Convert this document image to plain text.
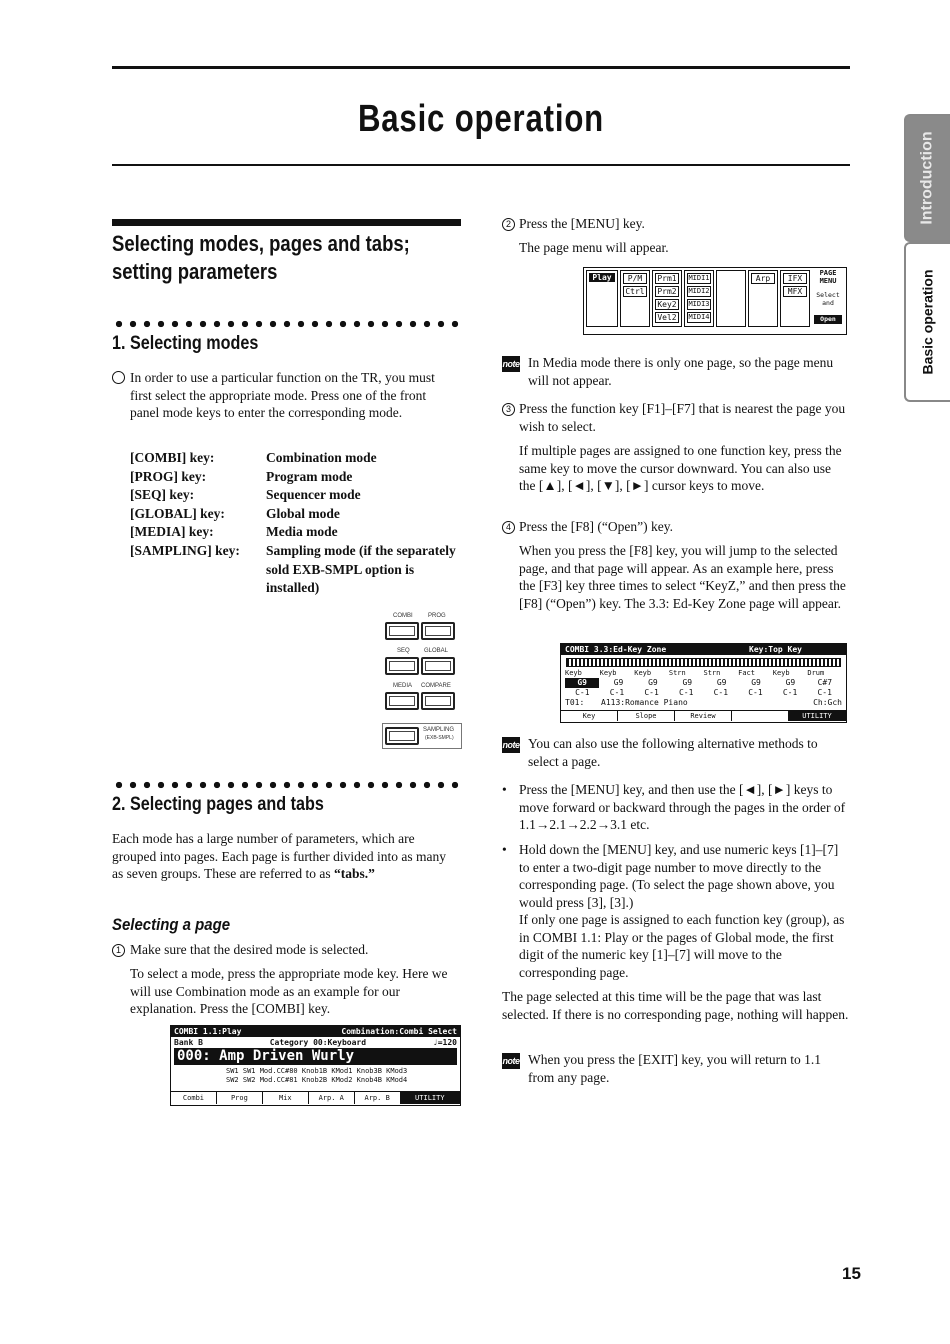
Basic operation
Introduction
Basic operation
Selecting modes, pages and tabs;
setting parameters
1. Selecting modes
In order to use a particular function on the TR, you must first select the appropriate mode. Press one of the front panel mode keys to enter the corresponding mode.
[COMBI] key:	Combination mode
[PROG] key:	Program mode
[SEQ] key:	Sequencer mode
[GLOBAL] key:	Global mode
[MEDIA] key:	Media mode
[SAMPLING] key:	Sampling mode (if the separately sold EXB-SMPL option is installed)
COMBI	PROG
SEQ GLOBAL
MEDIA COMPARE
SAMPLING
(EXB-SMPL)
2. Selecting pages and tabs
Each mode has a large number of parameters, which are grouped into pages. Each page is further divided into as many as seven groups. These are referred to as “tabs.”
Selecting a page
1 Make sure that the desired mode is selected.
To select a mode, press the appropriate mode key. Here we will use Combination mode as an example for our explanation. Press the [COMBI] key.
COMBI 1.1:Play	Combination:Combi Select
Bank B	Category 00:Keyboard	♩=120
000: Amp Driven Wurly
SW1 SW1 Mod.CC#80 Knob1B KMod1 Knob3B KMod3
SW2 SW2 Mod.CC#81 Knob2B KMod2 Knob4B KMod4
Combi	Prog	Mix	Arp. A	Arp. B	UTILITY
2 Press the [MENU] key.
The page menu will appear.
Play	P/M
Ctrl
Prm1
Prm2
Key2
Vel2
MIDI1
MIDI2
MIDI3
MIDI4
Arp	IFX
MFX
PAGE MENU
Select and
Open
note In Media mode there is only one page, so the page menu will not appear.
3 Press the function key [F1]–[F7] that is nearest the page you wish to select.
If multiple pages are assigned to one function key, press the same key to move the cursor downward. You can also use the [▲], [◄], [▼], [►] cursor keys to move.
4 Press the [F8] (“Open”) key.
When you press the [F8] key, you will jump to the selected page, and that page will appear. As an example here, press the [F3] key three times to select “KeyZ,” and then press the [F8] (“Open”) key. The 3.3: Ed-Key Zone page will appear.
COMBI 3.3:Ed-Key Zone	Key:Top Key
Keyb	Keyb	Keyb	Strn	Strn	Fact	Keyb	Drum
G9	G9	G9	G9	G9	G9	G9	C#7
C-1	C-1	C-1	C-1	C-1	C-1	C-1	C-1
T01:	A113:Romance Piano	Ch:Gch
Key	Slope	Review	UTILITY
note You can also use the following alternative methods to select a page.
• Press the [MENU] key, and then use the [◄], [►] keys to move forward or backward through the pages in the order of 1.1→2.1→2.2→3.1 etc.
• Hold down the [MENU] key, and use numeric keys [1]–[7] to enter a two-digit page number to move directly to the corresponding page. (To select the page shown above, you would press [3], [3].)
If only one page is assigned to each function key (group), as in COMBI 1.1: Play or the pages of Global mode, the first digit of the numeric key [1]–[7] will move to the corresponding page.
The page selected at this time will be the page that was last selected. If there is no corresponding page, nothing will happen.
note When you press the [EXIT] key, you will return to 1.1 from any page.
15
